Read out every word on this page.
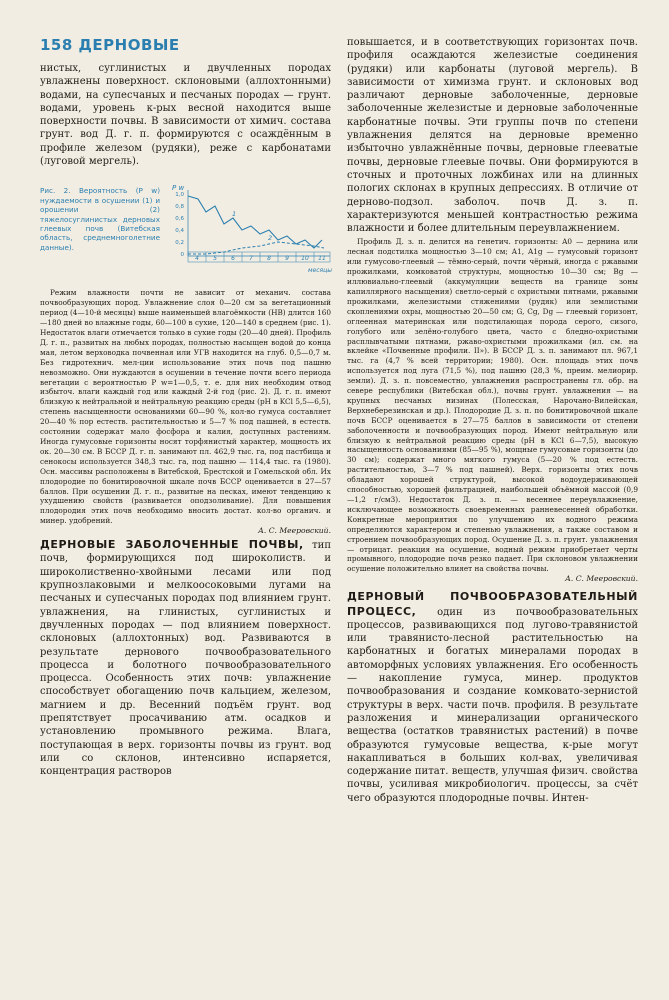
158 ДЕРНОВЫЕ

нистых, суглинистых и двучленных породах увлажнены поверхност. склоновыми (аллохтонными) водами, на супесчаных и песчаных породах — грунт. водами, уровень к-рых весной находится выше поверхности почвы. В зависимости от химич. состава грунт. вод Д. г. п. формируются с осаждённым в профиле железом (рудяки), реже с карбонатами (луговой мергель).

Рис. 2. Вероятность (P w) нуждаемости в осушении (1) и орошении (2) тяжелосуглинистых дерновых глеевых почв (Витебская область, среднемноголетние данные).
P w
1,0
0,8
0,6
0,4
0,2
0 4 5 6 7 8 9 10 11
месяцы
1
2

Режим влажности почти не зависит от механич. состава почвообразующих пород. Увлажнение слоя 0—20 см за вегетационный период (4—10-й месяцы) выше наименьшей влагоёмкости (НВ) длится 160—180 дней во влажные годы, 60—100 в сухие, 120—140 в среднем (рис. 1). Недостаток влаги отмечается только в сухие годы (20—40 дней). Профиль Д. г. п., развитых на любых породах, полностью насыщен водой до конца мая, летом верховодка почвенная или УГВ находится на глуб. 0,5—0,7 м. Без гидротехнич. мел-ции использование этих почв под пашню невозможно. Они нуждаются в осушении в течение почти всего периода вегетации с вероятностью P w=1—0,5, т. е. для них необходим отвод избыточ. влаги каждый год или каждый 2-й год (рис. 2). Д. г. п. имеют близкую к нейтральной и нейтральную реакцию среды (pH в KCl 5,5—6,5), степень насыщенности основаниями 60—90 %, кол-во гумуса составляет 20—40 % пор естеств. растительностью и 5—7 % под пашней, в естеств. состоянии содержат мало фосфора и калия, доступных растениям. Иногда гумусовые горизонты носят торфянистый характер, мощность их ок. 20—30 см. В БССР Д. г. п. занимают пл. 462,9 тыс. га, под пастбища и сенокосы используется 348,3 тыс. га, под пашню — 114,4 тыс. га (1980). Осн. массивы расположены в Витебской, Брестской и Гомельской обл. Их плодородие по бонитировочной шкале почв БССР оценивается в 27—57 баллов. При осушении Д. г. п., развитые на песках, имеют тенденцию к ухудшению свойств (развивается оподзоливание). Для повышения плодородия этих почв необходимо вносить достат. кол-во органич. и минер. удобрений.

А. С. Мееровский.

ДЕРНОВЫЕ ЗАБОЛОЧЕННЫЕ ПОЧВЫ, тип почв, формирующихся под широколиств. и широколиственно-хвойными лесами или под крупнозлаковыми и мелкоосоковыми лугами на песчаных и супесчаных породах под влиянием грунт. увлажнения, на глинистых, суглинистых и двучленных породах — под влиянием поверхност. склоновых (аллохтонных) вод. Развиваются в результате дернового почвообразовательного процесса и болотного почвообразовательного процесса. Особенность этих почв: увлажнение способствует обогащению почв кальцием, железом, магнием и др. Весенний подъём грунт. вод препятствует просачиванию атм. осадков и установлению промывного режима. Влага, поступающая в верх. горизонты почвы из грунт. вод или со склонов, интенсивно испаряется, концентрация растворов

повышается, и в соответствующих горизонтах почв. профиля осаждаются железистые соединения (рудяки) или карбонаты (луговой мергель). В зависимости от химизма грунт. и склоновых вод различают дерновые заболоченные, дерновые заболоченные железистые и дерновые заболоченные карбонатные почвы. Эти группы почв по степени увлажнения делятся на дерновые временно избыточно увлажнённые почвы, дерновые глееватые почвы, дерновые глеевые почвы. Они формируются в сточных и проточных ложбинах или на длинных пологих склонах в крупных депрессиях. В отличие от дерново-подзол. заболоч. почв Д. з. п. характеризуются меньшей контрастностью режима влажности и более длительным переувлажнением.

Профиль Д. з. п. делится на генетич. горизонты: A0 — дернина или лесная подстилка мощностью 3—10 см; A1, A1g — гумусовый горизонт или гумусово-глеевый — тёмно-серый, почти чёрный, иногда с ржавыми прожилками, комковатой структуры, мощностью 10—30 см; Bg — иллювиально-глеевый (аккумуляции веществ на границе зоны капиллярного насыщения) светло-серый с охристыми пятнами, ржавыми прожилками, железистыми стяжениями (рудяк) или землистыми скоплениями охры, мощностью 20—50 см; G, Cg, Dg — глеевый горизонт, оглеенная материнская или подстилающая порода серого, сизого, голубого или зелёно-голубого цвета, часто с бледно-охристыми расплывчатыми пятнами, ржаво-охристыми прожилками (ил. см. на вклейке «Почвенные профили. II»). В БССР Д. з. п. занимают пл. 967,1 тыс. га (4,7 % всей территории; 1980). Осн. площадь этих почв используется под луга (71,5 %), под пашню (28,3 %, преим. мелиорир. земли). Д. з. п. повсеместно, увлажнения распространены гл. обр. на севере республики (Витебская обл.), почвы грунт. увлажнения — на крупных песчаных низинах (Полесская, Нарочано-Вилейская, Верхнеберезинская и др.). Плодородие Д. з. п. по бонитировочной шкале почв БССР оценивается в 27—75 баллов в зависимости от степени заболоченности и почвообразующих пород. Имеют нейтральную или близкую к нейтральной реакцию среды (pH в KCl 6—7,5), высокую насыщенность основаниями (85—95 %), мощные гумусовые горизонты (до 30 см); содержат много мягкого гумуса (5—20 % под естеств. растительностью, 3—7 % под пашней). Верх. горизонты этих почв обладают хорошей структурой, высокой водоудерживающей способностью, хорошей фильтрацией, наибольшей объёмной массой (0,9—1,2 г/см3). Недостаток Д. з. п. — весеннее переувлажнение, исключающее возможность своевременных ранневесенней обработки. Конкретные мероприятия по улучшению их водного режима определяются характером и степенью увлажнения, а также составом и строением почвообразующих пород. Осушение Д. з. п. грунт. увлажнения — отрицат. реакция на осушение, водный режим приобретает черты промывного, плодородие почв резко падает. При склоновом увлажнении осушение положительно влияет на свойства почвы.

А. С. Мееровский.

ДЕРНОВЫЙ ПОЧВООБРАЗОВАТЕЛЬНЫЙ ПРОЦЕСС, один из почвообразовательных процессов, развивающихся под лугово-травянистой или травянисто-лесной растительностью на карбонатных и богатых минералами породах в автоморфных условиях увлажнения. Его особенность — накопление гумуса, минер. продуктов почвообразования и создание комковато-зернистой структуры в верх. части почв. профиля. В результате разложения и минерализации органического вещества (остатков травянистых растений) в почве образуются гумусовые вещества, к-рые могут накапливаться в больших кол-вах, увеличивая содержание питат. веществ, улучшая физич. свойства почвы, усиливая микробиологич. процессы, за счёт чего образуются плодородные почвы. Интен-
